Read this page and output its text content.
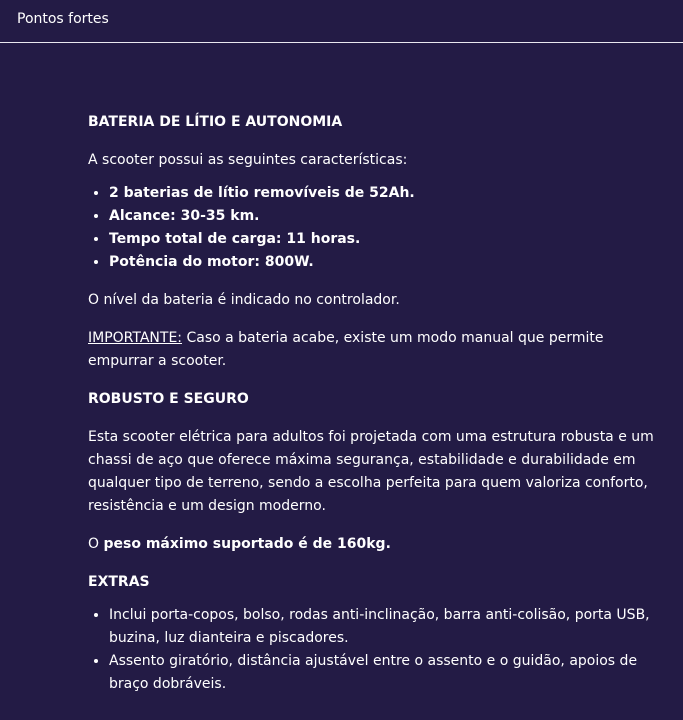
Pontos fortes
BATERIA DE LÍTIO E AUTONOMIA

A scooter possui as seguintes características:

• 2 baterias de lítio removíveis de 52Ah.
• Alcance: 30-35 km.
• Tempo total de carga: 11 horas.
• Potência do motor: 800W.

O nível da bateria é indicado no controlador.

IMPORTANTE: Caso a bateria acabe, existe um modo manual que permite empurrar a scooter.

ROBUSTO E SEGURO

Esta scooter elétrica para adultos foi projetada com uma estrutura robusta e um chassi de aço que oferece máxima segurança, estabilidade e durabilidade em qualquer tipo de terreno, sendo a escolha perfeita para quem valoriza conforto, resistência e um design moderno.

O peso máximo suportado é de 160kg.

EXTRAS
• Inclui porta-copos, bolso, rodas anti-inclinação, barra anti-colisão, porta USB, buzina, luz dianteira e piscadores.
• Assento giratório, distância ajustável entre o assento e o guidão, apoios de braço dobráveis.
